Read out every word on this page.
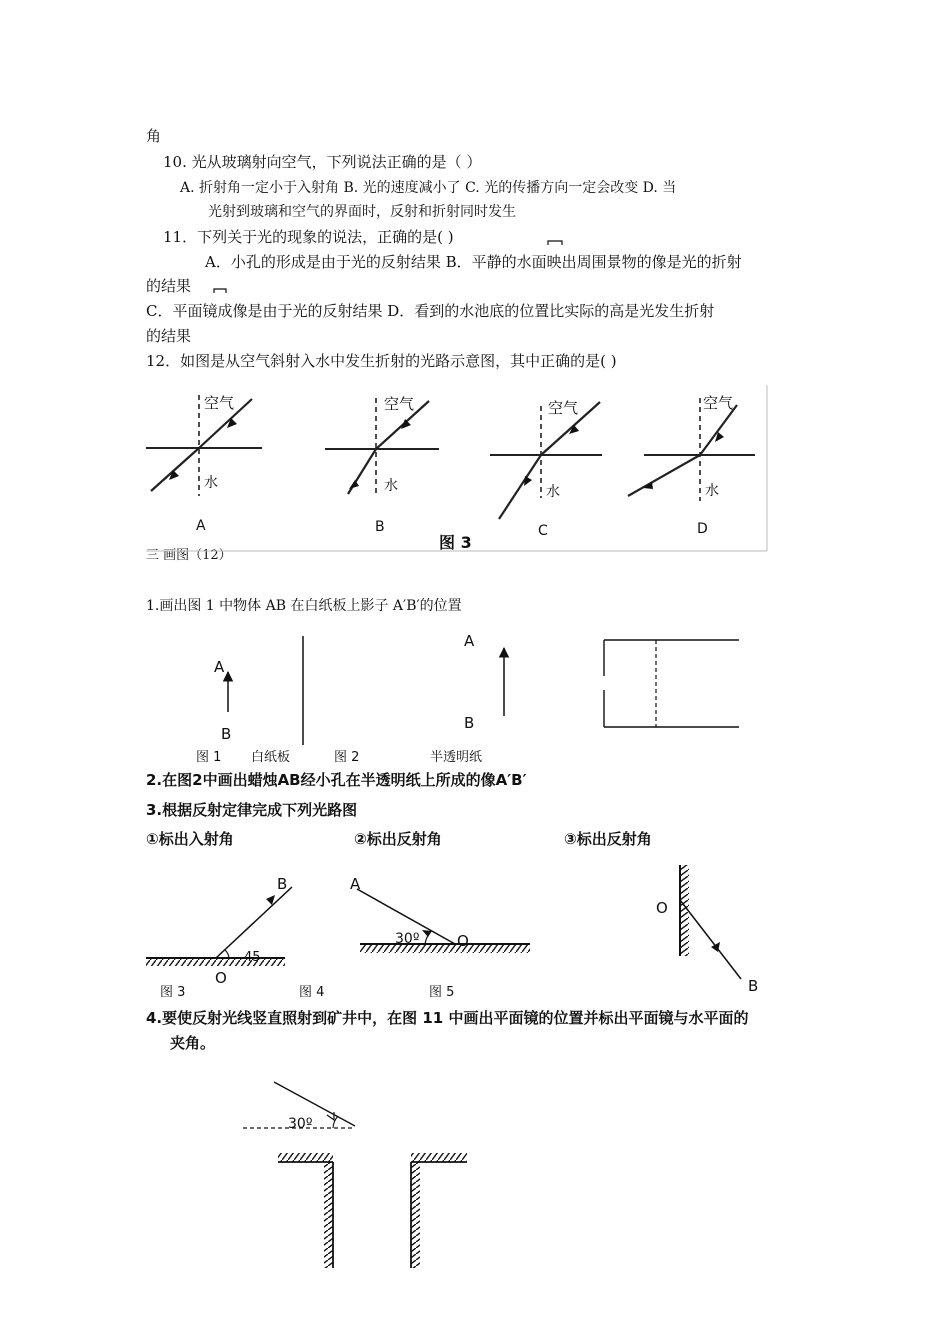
角
10. 光从玻璃射向空气，下列说法正确的是（ ）
A. 折射角一定小于入射角 B. 光的速度减小了 C. 光的传播方向一定会改变 D. 当
光射到玻璃和空气的界面时，反射和折射同时发生
11．下列关于光的现象的说法，正确的是( )
A．小孔的形成是由于光的反射结果 B．平静的水面映出周围景物的像是光的折射
的结果
C．平面镜成像是由于光的反射结果 D．看到的水池底的位置比实际的高是光发生折射
的结果
12．如图是从空气斜射入水中发生折射的光路示意图，其中正确的是( )
三 画图（12）
1.画出图 1 中物体 AB 在白纸板上影子 A′B′的位置
2.在图2中画出蜡烛AB经小孔在半透明纸上所成的像A′B′
3.根据反射定律完成下列光路图
①标出入射角	②标出反射角	③标出反射角
4.要使反射光线竖直照射到矿井中，在图 11 中画出平面镜的位置并标出平面镜与水平面的
夹角。
空气
水
A
空气
水
B
空气
水
C
空气
水
D
图 3
A
B
图 1 白纸板	图 2	半透明纸
A
B
B
O
45
图 3
A
30º	O
图 4	图 5
O
B
30º
